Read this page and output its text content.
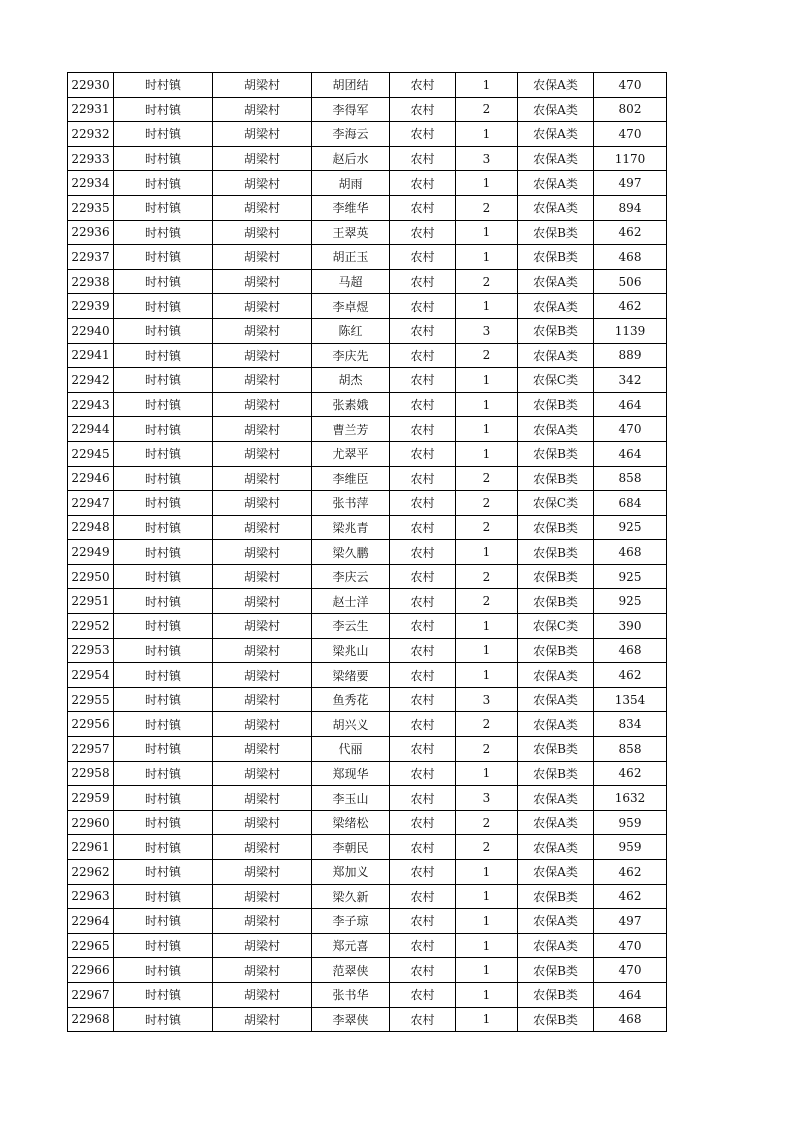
22930	时村镇	胡梁村	胡团结	农村	1	农保A类	470
22931	时村镇	胡梁村	李得军	农村	2	农保A类	802
22932	时村镇	胡梁村	李海云	农村	1	农保A类	470
22933	时村镇	胡梁村	赵后水	农村	3	农保A类	1170
22934	时村镇	胡梁村	胡雨	农村	1	农保A类	497
22935	时村镇	胡梁村	李维华	农村	2	农保A类	894
22936	时村镇	胡梁村	王翠英	农村	1	农保B类	462
22937	时村镇	胡梁村	胡正玉	农村	1	农保B类	468
22938	时村镇	胡梁村	马超	农村	2	农保A类	506
22939	时村镇	胡梁村	李卓煜	农村	1	农保A类	462
22940	时村镇	胡梁村	陈红	农村	3	农保B类	1139
22941	时村镇	胡梁村	李庆先	农村	2	农保A类	889
22942	时村镇	胡梁村	胡杰	农村	1	农保C类	342
22943	时村镇	胡梁村	张素娥	农村	1	农保B类	464
22944	时村镇	胡梁村	曹兰芳	农村	1	农保A类	470
22945	时村镇	胡梁村	尤翠平	农村	1	农保B类	464
22946	时村镇	胡梁村	李维臣	农村	2	农保B类	858
22947	时村镇	胡梁村	张书萍	农村	2	农保C类	684
22948	时村镇	胡梁村	梁兆青	农村	2	农保B类	925
22949	时村镇	胡梁村	梁久鹏	农村	1	农保B类	468
22950	时村镇	胡梁村	李庆云	农村	2	农保B类	925
22951	时村镇	胡梁村	赵士洋	农村	2	农保B类	925
22952	时村镇	胡梁村	李云生	农村	1	农保C类	390
22953	时村镇	胡梁村	梁兆山	农村	1	农保B类	468
22954	时村镇	胡梁村	梁绪要	农村	1	农保A类	462
22955	时村镇	胡梁村	鱼秀花	农村	3	农保A类	1354
22956	时村镇	胡梁村	胡兴义	农村	2	农保A类	834
22957	时村镇	胡梁村	代丽	农村	2	农保B类	858
22958	时村镇	胡梁村	郑现华	农村	1	农保B类	462
22959	时村镇	胡梁村	李玉山	农村	3	农保A类	1632
22960	时村镇	胡梁村	梁绪松	农村	2	农保A类	959
22961	时村镇	胡梁村	李朝民	农村	2	农保A类	959
22962	时村镇	胡梁村	郑加义	农村	1	农保A类	462
22963	时村镇	胡梁村	梁久新	农村	1	农保B类	462
22964	时村镇	胡梁村	李子琼	农村	1	农保A类	497
22965	时村镇	胡梁村	郑元喜	农村	1	农保A类	470
22966	时村镇	胡梁村	范翠侠	农村	1	农保B类	470
22967	时村镇	胡梁村	张书华	农村	1	农保B类	464
22968	时村镇	胡梁村	李翠侠	农村	1	农保B类	468
